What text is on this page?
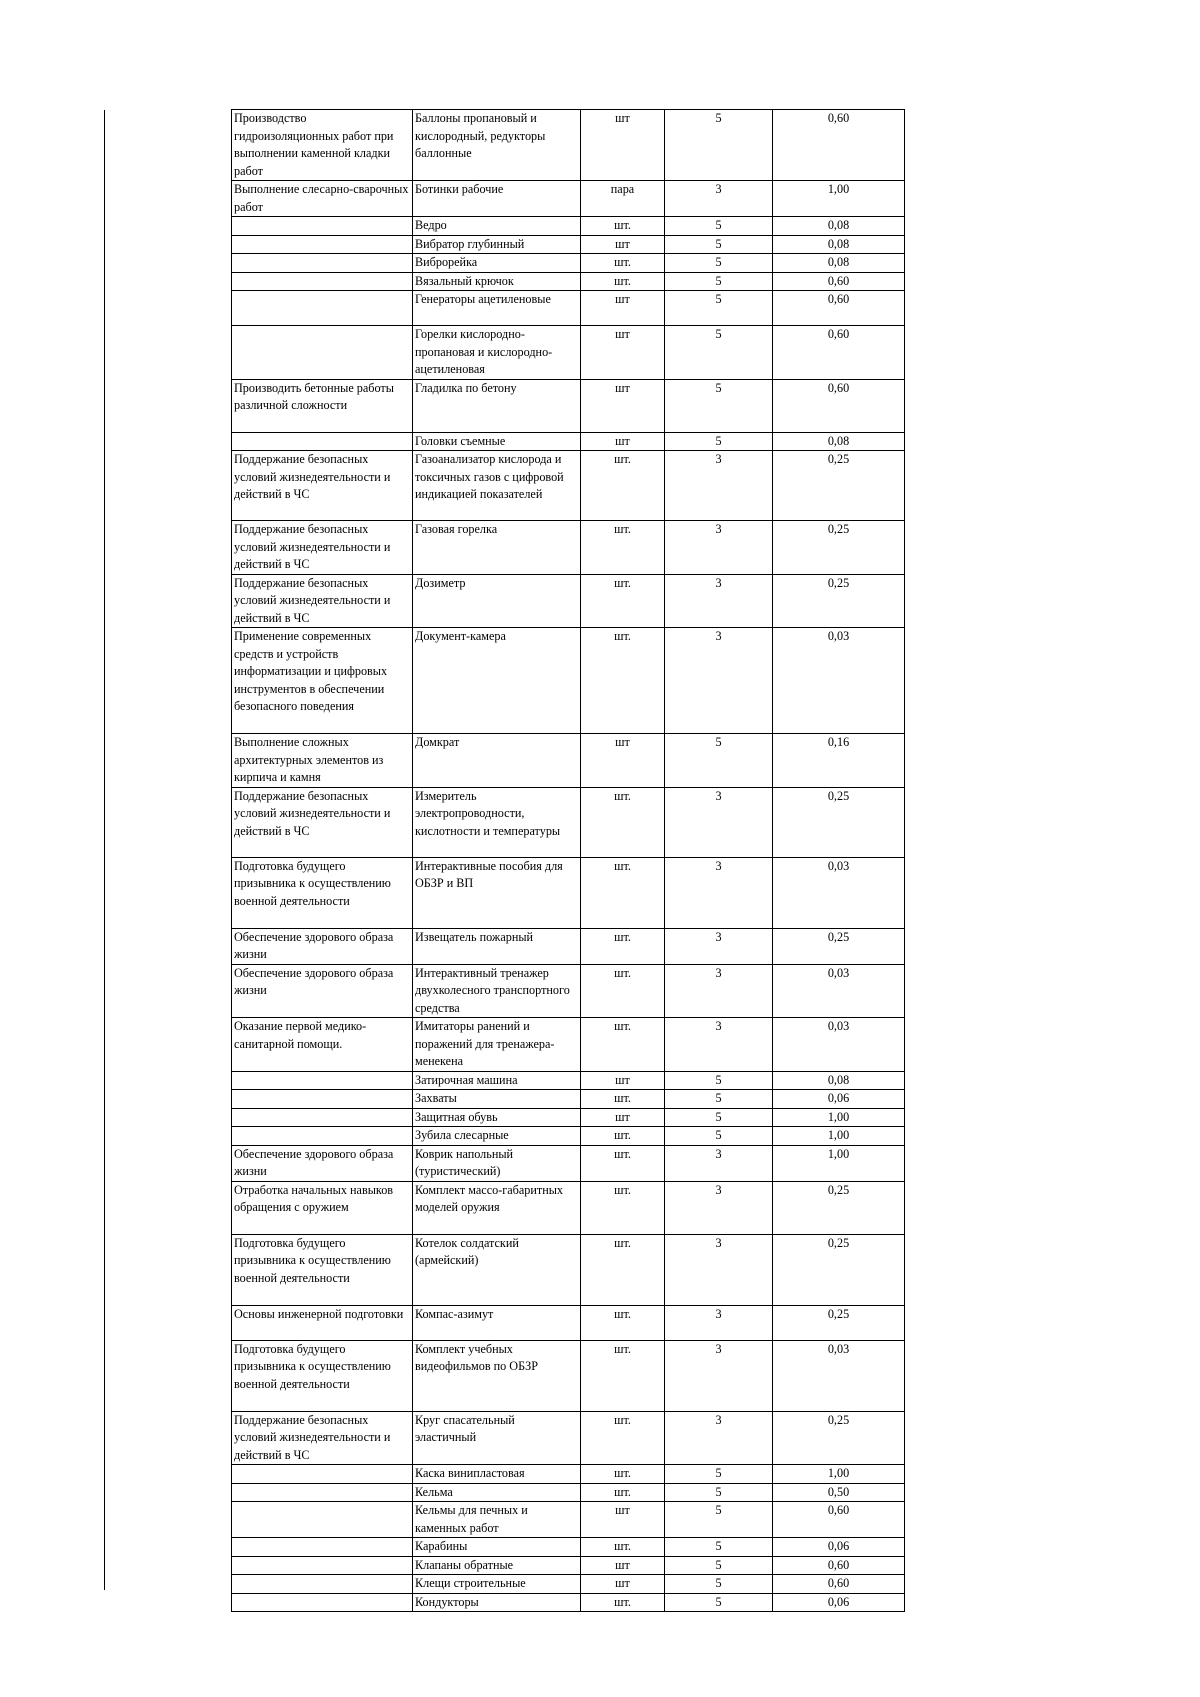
Производство гидроизоляционных работ при выполнении каменной кладки работ	Баллоны пропановый и кислородный, редукторы баллонные	шт	5	0,60
Выполнение слесарно-сварочных работ	Ботинки рабочие	пара	3	1,00
	Ведро	шт.	5	0,08
	Вибратор глубинный	шт	5	0,08
	Виброрейка	шт.	5	0,08
	Вязальный крючок	шт.	5	0,60
	Генераторы ацетиленовые	шт	5	0,60
	Горелки кислородно-пропановая и кислородно-ацетиленовая	шт	5	0,60
Производить бетонные работы различной сложности	Гладилка по бетону	шт	5	0,60
	Головки съемные	шт	5	0,08
Поддержание безопасных условий жизнедеятельности и действий в ЧС	Газоанализатор кислорода и токсичных газов с цифровой индикацией показателей	шт.	3	0,25
Поддержание безопасных условий жизнедеятельности и действий в ЧС	Газовая горелка	шт.	3	0,25
Поддержание безопасных условий жизнедеятельности и действий в ЧС	Дозиметр	шт.	3	0,25
Применение современных средств и устройств информатизации и цифровых инструментов в обеспечении безопасного поведения	Документ-камера	шт.	3	0,03
Выполнение сложных архитектурных элементов из кирпича и камня	Домкрат	шт	5	0,16
Поддержание безопасных условий жизнедеятельности и действий в ЧС	Измеритель электропроводности, кислотности и температуры	шт.	3	0,25
Подготовка будущего призывника к осуществлению военной деятельности	Интерактивные пособия для ОБЗР и ВП	шт.	3	0,03
Обеспечение здорового образа жизни	Извещатель пожарный	шт.	3	0,25
Обеспечение здорового образа жизни	Интерактивный тренажер двухколесного транспортного средства	шт.	3	0,03
Оказание первой медико-санитарной помощи.	Имитаторы ранений и поражений для тренажера-менекена	шт.	3	0,03
	Затирочная машина	шт	5	0,08
	Захваты	шт.	5	0,06
	Защитная обувь	шт	5	1,00
	Зубила слесарные	шт.	5	1,00
Обеспечение здорового образа жизни	Коврик напольный (туристический)	шт.	3	1,00
Отработка начальных навыков обращения с оружием	Комплект массо-габаритных моделей оружия	шт.	3	0,25
Подготовка будущего призывника к осуществлению военной деятельности	Котелок солдатский (армейский)	шт.	3	0,25
Основы инженерной подготовки	Компас-азимут	шт.	3	0,25
Подготовка будущего призывника к осуществлению военной деятельности	Комплект учебных видеофильмов по ОБЗР	шт.	3	0,03
Поддержание безопасных условий жизнедеятельности и действий в ЧС	Круг спасательный эластичный	шт.	3	0,25
	Каска винипластовая	шт.	5	1,00
	Кельма	шт.	5	0,50
	Кельмы для печных и каменных работ	шт	5	0,60
	Карабины	шт.	5	0,06
	Клапаны обратные	шт	5	0,60
	Клещи строительные	шт	5	0,60
	Кондукторы	шт.	5	0,06
